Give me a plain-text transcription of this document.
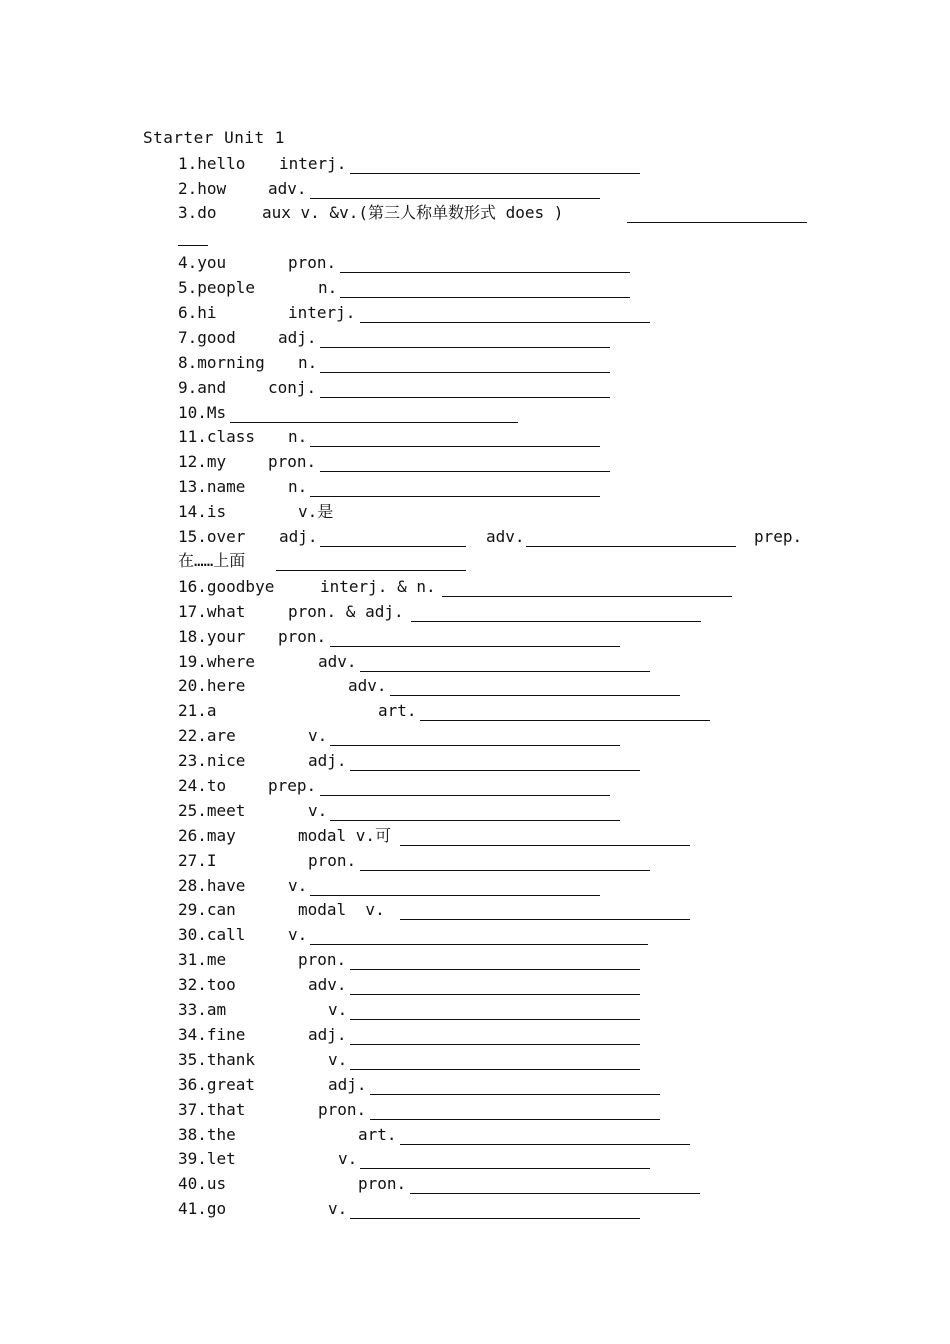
Starter Unit 1
1.hello interj.
2.how	adv.
3.do	aux v. &v.(第三人称单数形式 does )
4.you	pron.
5.people	n.
6.hi	interj.
7.good	adj.
8.morning n.
9.and	conj.
10.Ms
11.class n.
12.my	pron.
13.name	n.
14.is	v.是
15.over adj.	adv.	prep.
在……上面
16.goodbye	interj. & n.
17.what	pron. & adj.
18.your pron.
19.where	adv.
20.here	adv.
21.a	art.
22.are	v.
23.nice	adj.
24.to	prep.
25.meet	v.
26.may	modal v.可
27.I	pron.
28.have	v.
29.can	modal  v.
30.call	v.
31.me	pron.
32.too	adv.
33.am	v.
34.fine	adj.
35.thank	v.
36.great	adj.
37.that	pron.
38.the	art.
39.let	v.
40.us	pron.
41.go	v.
